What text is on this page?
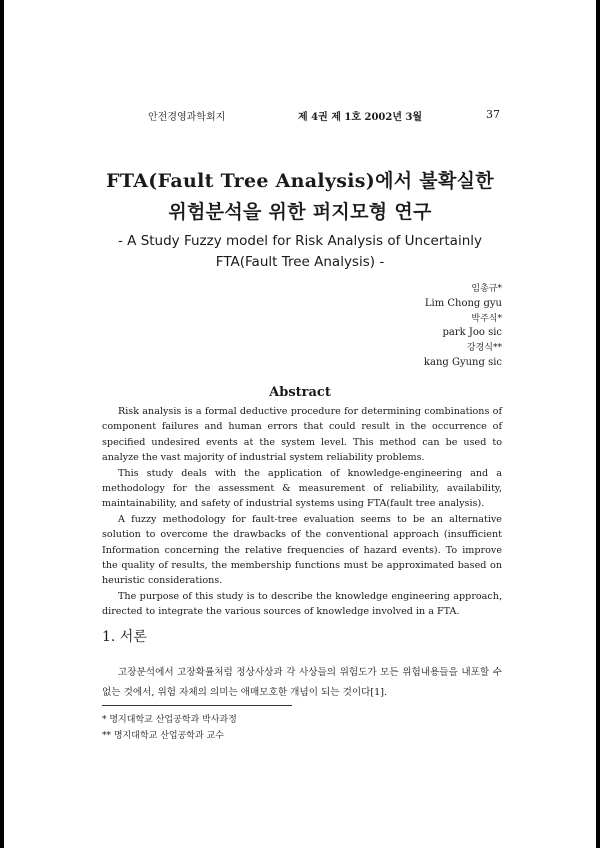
안전경영과학회지	제 4권 제 1호 2002년 3월	37
FTA(Fault Tree Analysis)에서 불확실한
위험분석을 위한 퍼지모형 연구
- A Study Fuzzy model for Risk Analysis of Uncertainly
FTA(Fault Tree Analysis) -
임총규*
Lim Chong gyu
박주식*
park Joo sic
강경식**
kang Gyung sic
Abstract

Risk analysis is a formal deductive procedure for determining combinations of component failures and human errors that could result in the occurrence of specified undesired events at the system level. This method can be used to analyze the vast majority of industrial system reliability problems.

This study deals with the application of knowledge-engineering and a methodology for the assessment & measurement of reliability, availability, maintainability, and safety of industrial systems using FTA(fault tree analysis).

A fuzzy methodology for fault-tree evaluation seems to be an alternative solution to overcome the drawbacks of the conventional approach (insufficient Information concerning the relative frequencies of hazard events). To improve the quality of results, the membership functions must be approximated based on heuristic considerations.

The purpose of this study is to describe the knowledge engineering approach, directed to integrate the various sources of knowledge involved in a FTA.

1. 서론
고장분석에서 고장확률처럼 정상사상과 각 사상들의 위험도가 모든 위험내용들을 내포할 수 없는 것에서, 위험 자체의 의미는 애매모호한 개념이 되는 것이다[1].
* 명지대학교 산업공학과 박사과정
** 명지대학교 산업공학과 교수
